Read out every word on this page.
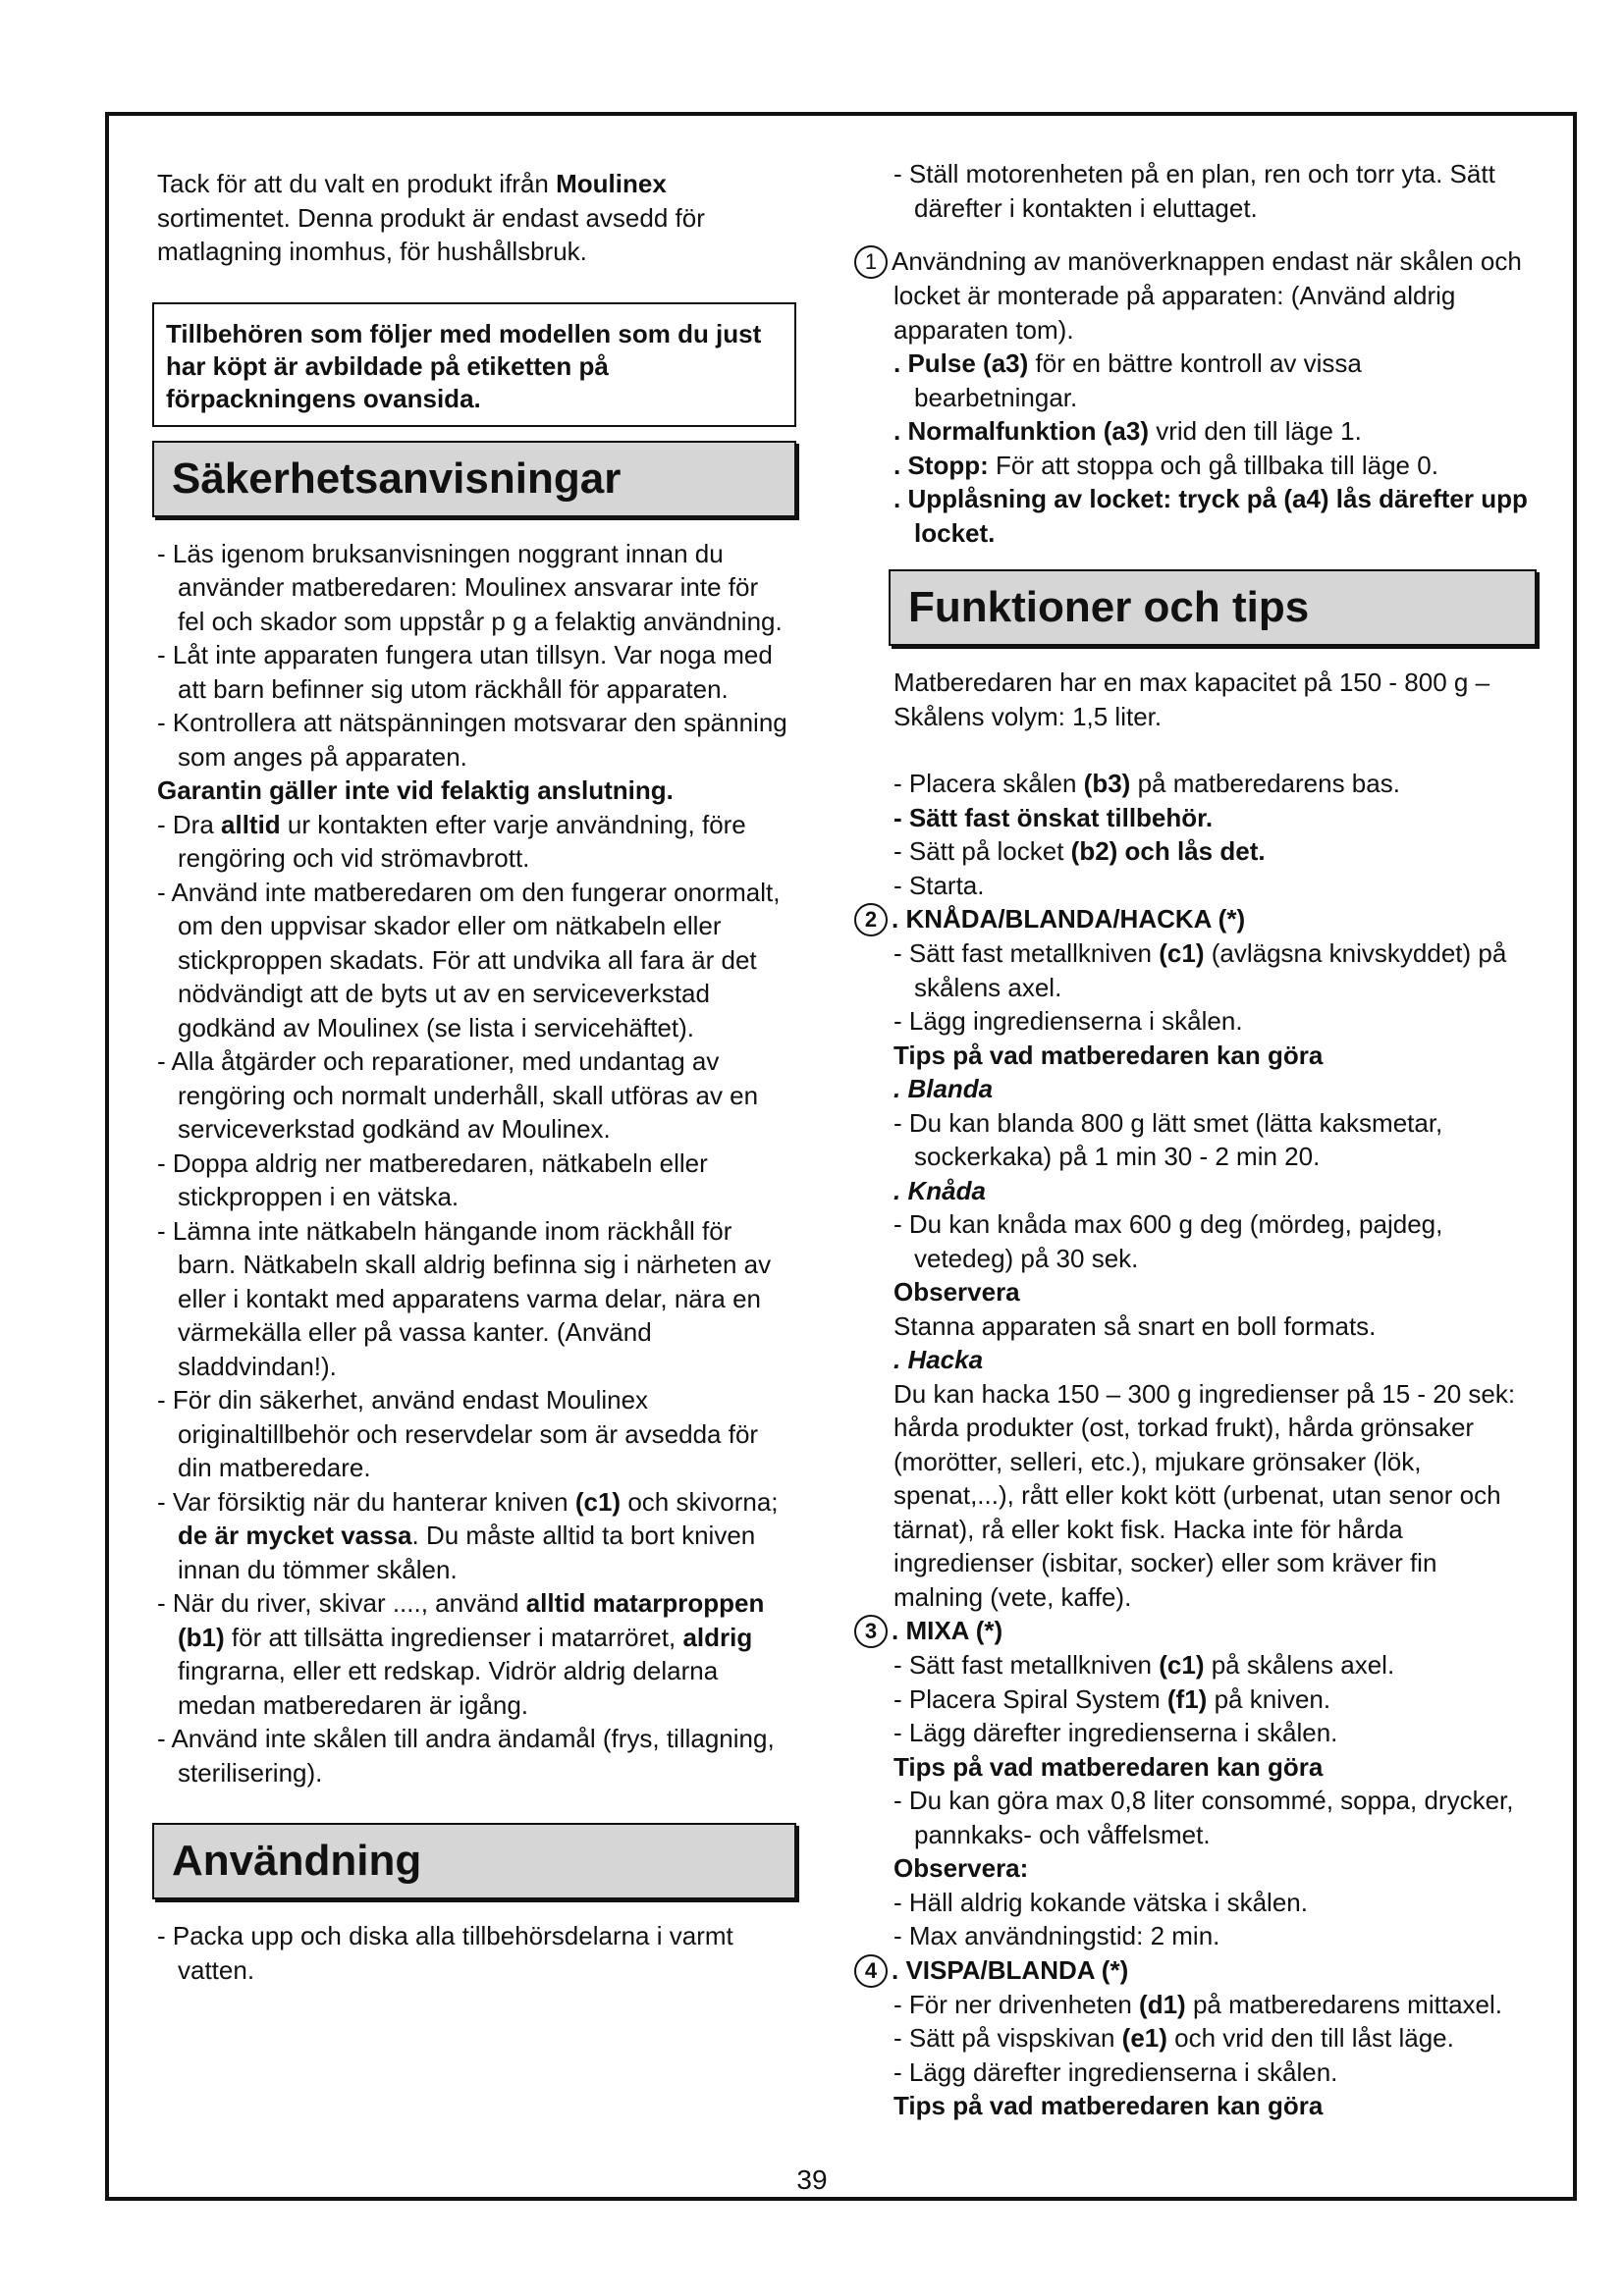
Tack för att du valt en produkt ifrån Moulinex sortimentet. Denna produkt är endast avsedd för matlagning inomhus, för hushållsbruk.

Tillbehören som följer med modellen som du just har köpt är avbildade på etiketten på förpackningens ovansida.

Säkerhetsanvisningar

- Läs igenom bruksanvisningen noggrant innan du använder matberedaren: Moulinex ansvarar inte för fel och skador som uppstår p g a felaktig användning.

- Låt inte apparaten fungera utan tillsyn. Var noga med att barn befinner sig utom räckhåll för apparaten.

- Kontrollera att nätspänningen motsvarar den spänning som anges på apparaten.

Garantin gäller inte vid felaktig anslutning.

- Dra alltid ur kontakten efter varje användning, före rengöring och vid strömavbrott.

- Använd inte matberedaren om den fungerar onormalt, om den uppvisar skador eller om nätkabeln eller stickproppen skadats. För att undvika all fara är det nödvändigt att de byts ut av en serviceverkstad godkänd av Moulinex (se lista i servicehäftet).

- Alla åtgärder och reparationer, med undantag av rengöring och normalt underhåll, skall utföras av en serviceverkstad godkänd av Moulinex.

- Doppa aldrig ner matberedaren, nätkabeln eller stickproppen i en vätska.

- Lämna inte nätkabeln hängande inom räckhåll för barn. Nätkabeln skall aldrig befinna sig i närheten av eller i kontakt med apparatens varma delar, nära en värmekälla eller på vassa kanter. (Använd sladdvindan!).

- För din säkerhet, använd endast Moulinex originaltillbehör och reservdelar som är avsedda för din matberedare.

- Var försiktig när du hanterar kniven (c1) och skivorna; de är mycket vassa. Du måste alltid ta bort kniven innan du tömmer skålen.

- När du river, skivar ...., använd alltid matarproppen (b1) för att tillsätta ingredienser i matarröret, aldrig fingrarna, eller ett redskap. Vidrör aldrig delarna medan matberedaren är igång.

- Använd inte skålen till andra ändamål (frys, tillagning, sterilisering).

Användning

- Packa upp och diska alla tillbehörsdelarna i varmt vatten.

- Ställ motorenheten på en plan, ren och torr yta. Sätt därefter i kontakten i eluttaget.

1 Användning av manöverknappen endast när skålen och locket är monterade på apparaten: (Använd aldrig apparaten tom).

. Pulse (a3) för en bättre kontroll av vissa bearbetningar.

. Normalfunktion (a3) vrid den till läge 1.

. Stopp: För att stoppa och gå tillbaka till läge 0.

. Upplåsning av locket: tryck på (a4) lås därefter upp locket.

Funktioner och tips

Matberedaren har en max kapacitet på 150 - 800 g – Skålens volym: 1,5 liter.

- Placera skålen (b3) på matberedarens bas.

- Sätt fast önskat tillbehör.

- Sätt på locket (b2) och lås det.

- Starta.

2 . KNÅDA/BLANDA/HACKA (*)

- Sätt fast metallkniven (c1) (avlägsna knivskyddet) på skålens axel.

- Lägg ingredienserna i skålen.

Tips på vad matberedaren kan göra

. Blanda

- Du kan blanda 800 g lätt smet (lätta kaksmetar, sockerkaka) på 1 min 30 - 2 min 20.

. Knåda

- Du kan knåda max 600 g deg (mördeg, pajdeg, vetedeg) på 30 sek.

Observera

Stanna apparaten så snart en boll formats.

. Hacka

Du kan hacka 150 – 300 g ingredienser på 15 - 20 sek: hårda produkter (ost, torkad frukt), hårda grönsaker (morötter, selleri, etc.), mjukare grönsaker (lök, spenat,...), rått eller kokt kött (urbenat, utan senor och tärnat), rå eller kokt fisk. Hacka inte för hårda ingredienser (isbitar, socker) eller som kräver fin malning (vete, kaffe).

3 . MIXA (*)

- Sätt fast metallkniven (c1) på skålens axel.

- Placera Spiral System (f1) på kniven.

- Lägg därefter ingredienserna i skålen.

Tips på vad matberedaren kan göra

- Du kan göra max 0,8 liter consommé, soppa, drycker, pannkaks- och våffelsmet.

Observera:

- Häll aldrig kokande vätska i skålen.

- Max användningstid: 2 min.

4 . VISPA/BLANDA (*)

- För ner drivenheten (d1) på matberedarens mittaxel.

- Sätt på vispskivan (e1) och vrid den till låst läge.

- Lägg därefter ingredienserna i skålen.

Tips på vad matberedaren kan göra

39
